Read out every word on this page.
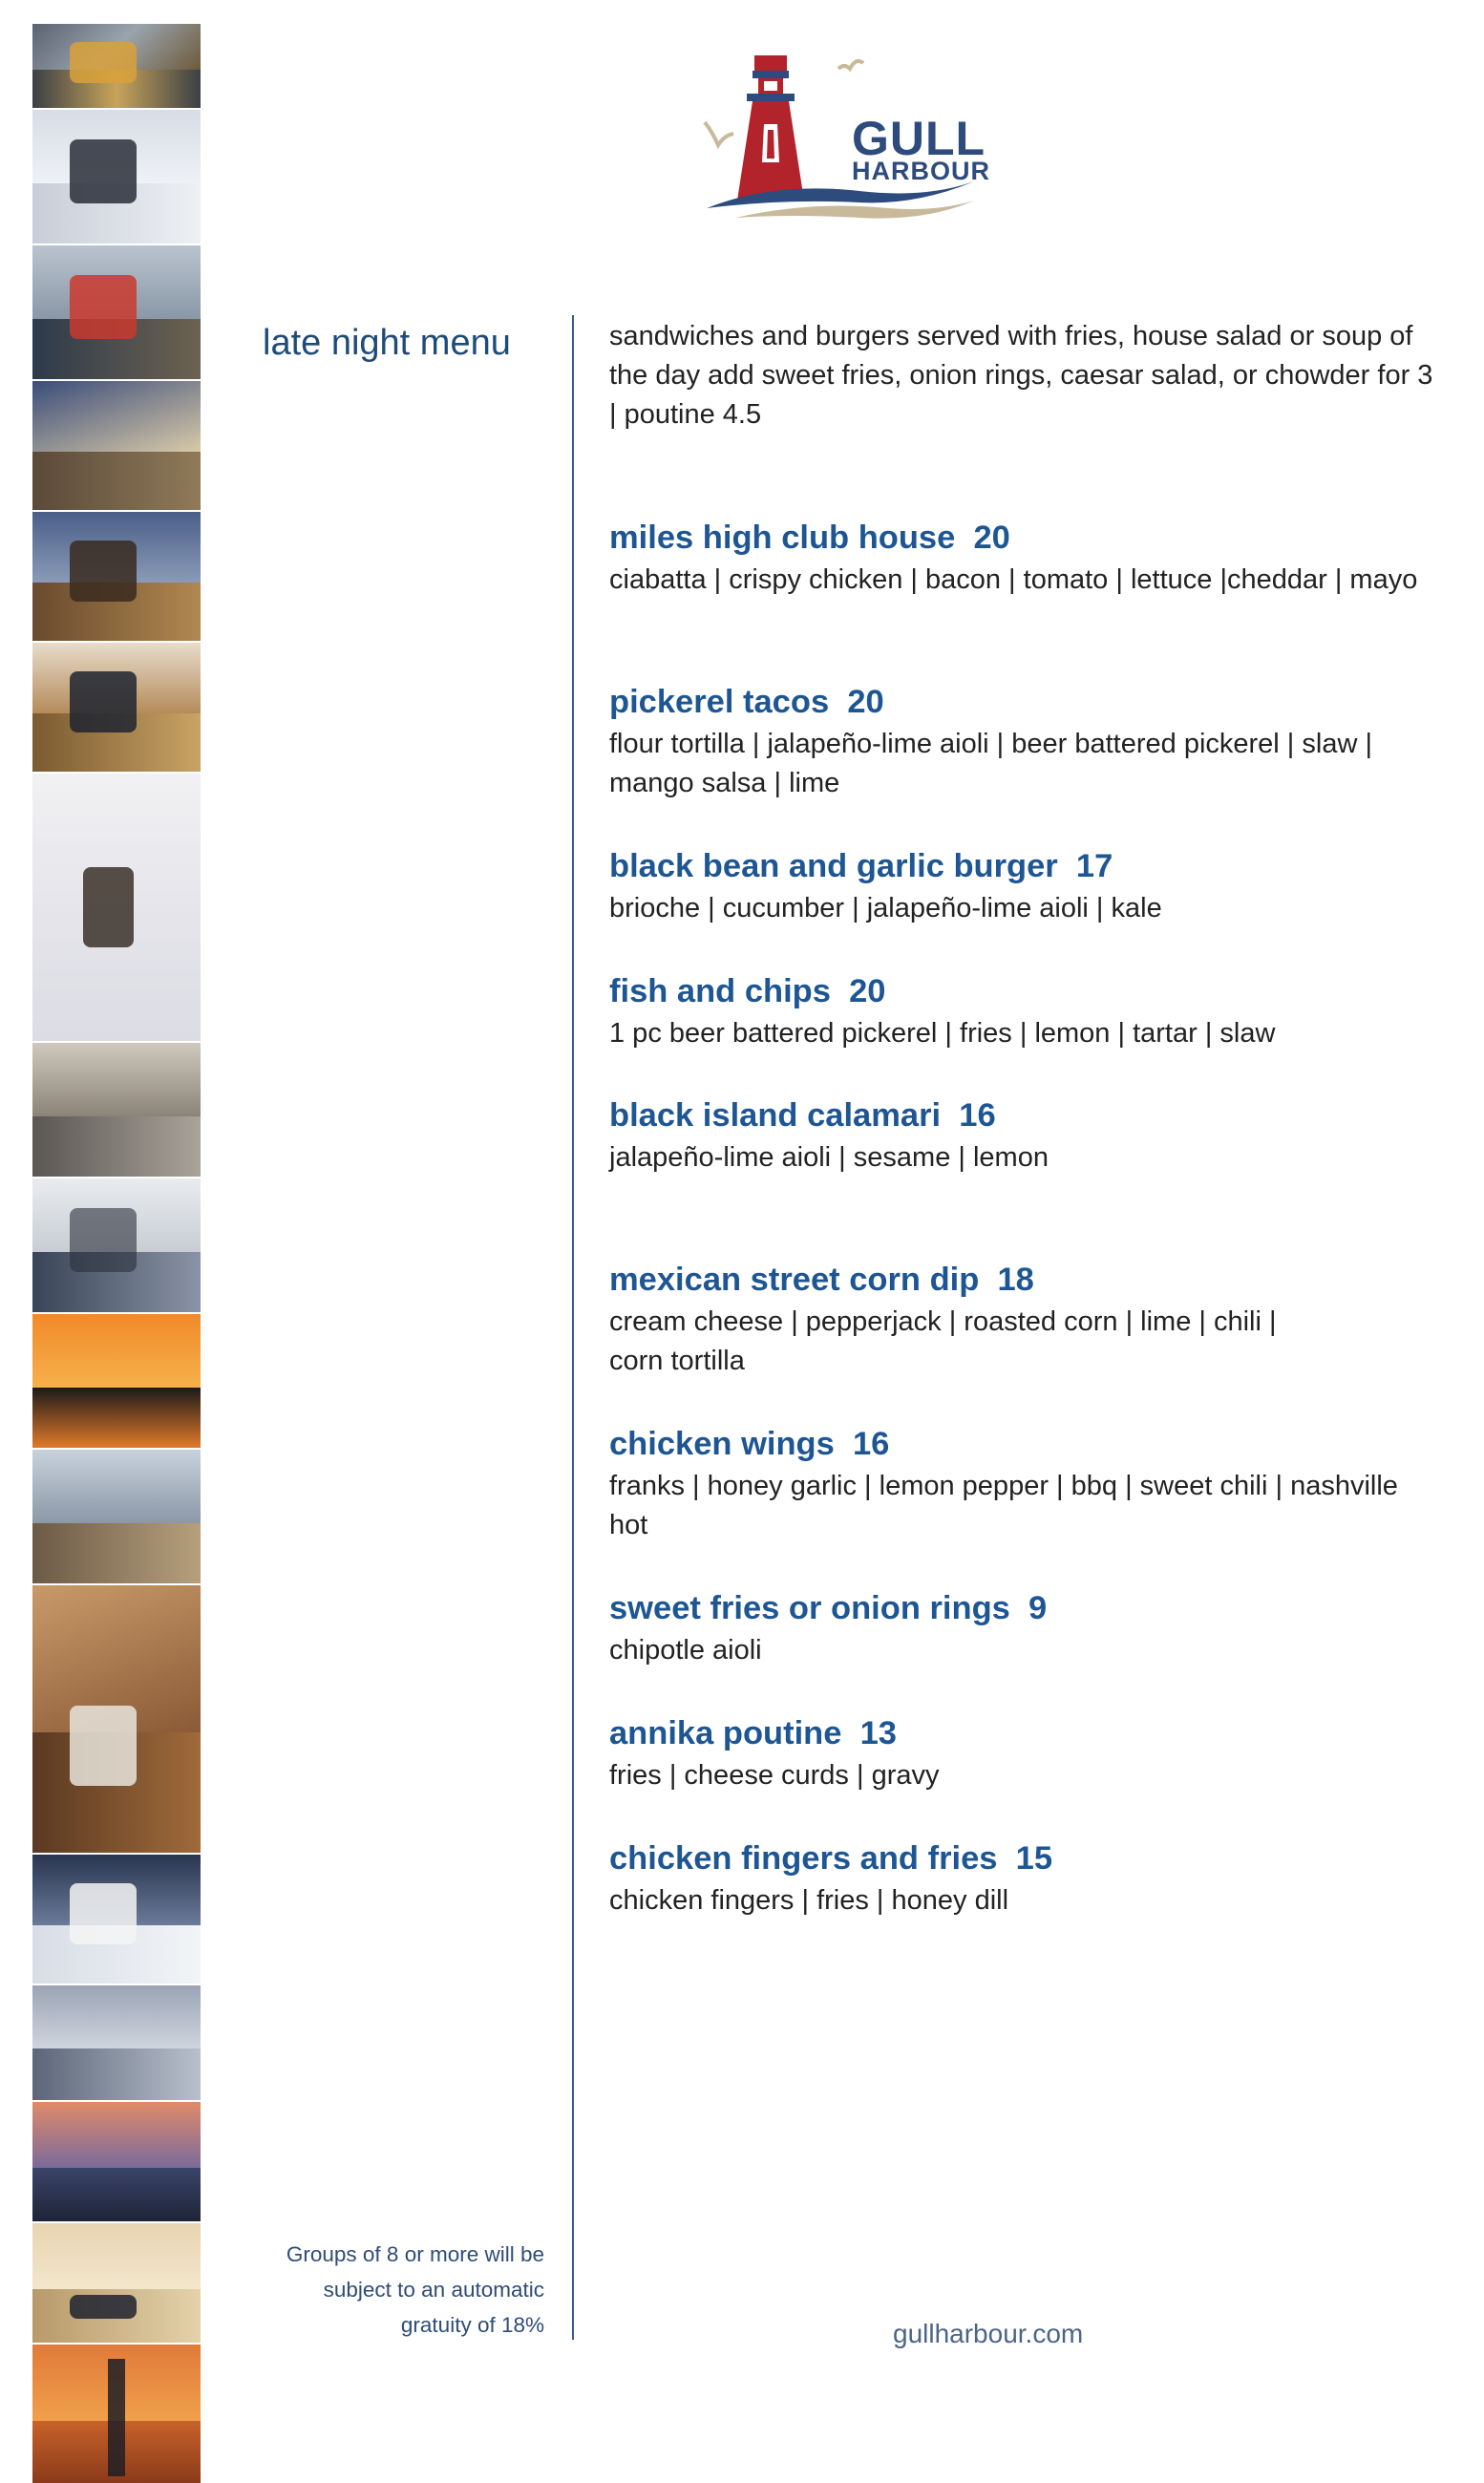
GULL
HARBOUR
late night menu
Groups of 8 or more will be
subject to an automatic
gratuity of 18%
sandwiches and burgers served with fries, house salad or soup of the day add sweet fries, onion rings, caesar salad, or chowder for 3 | poutine 4.5
miles high club house 20
ciabatta | crispy chicken | bacon | tomato | lettuce |cheddar | mayo
pickerel tacos 20
flour tortilla | jalapeño-lime aioli | beer battered pickerel | slaw | mango salsa | lime
black bean and garlic burger 17
brioche | cucumber | jalapeño-lime aioli | kale
fish and chips 20
1 pc beer battered pickerel | fries | lemon | tartar | slaw
black island calamari 16
jalapeño-lime aioli | sesame | lemon
mexican street corn dip 18
cream cheese | pepperjack | roasted corn | lime | chili | corn tortilla
chicken wings 16
franks | honey garlic | lemon pepper | bbq | sweet chili | nashville hot
sweet fries or onion rings 9
chipotle aioli
annika poutine 13
fries | cheese curds | gravy
chicken fingers and fries 15
chicken fingers | fries | honey dill
gullharbour.com
